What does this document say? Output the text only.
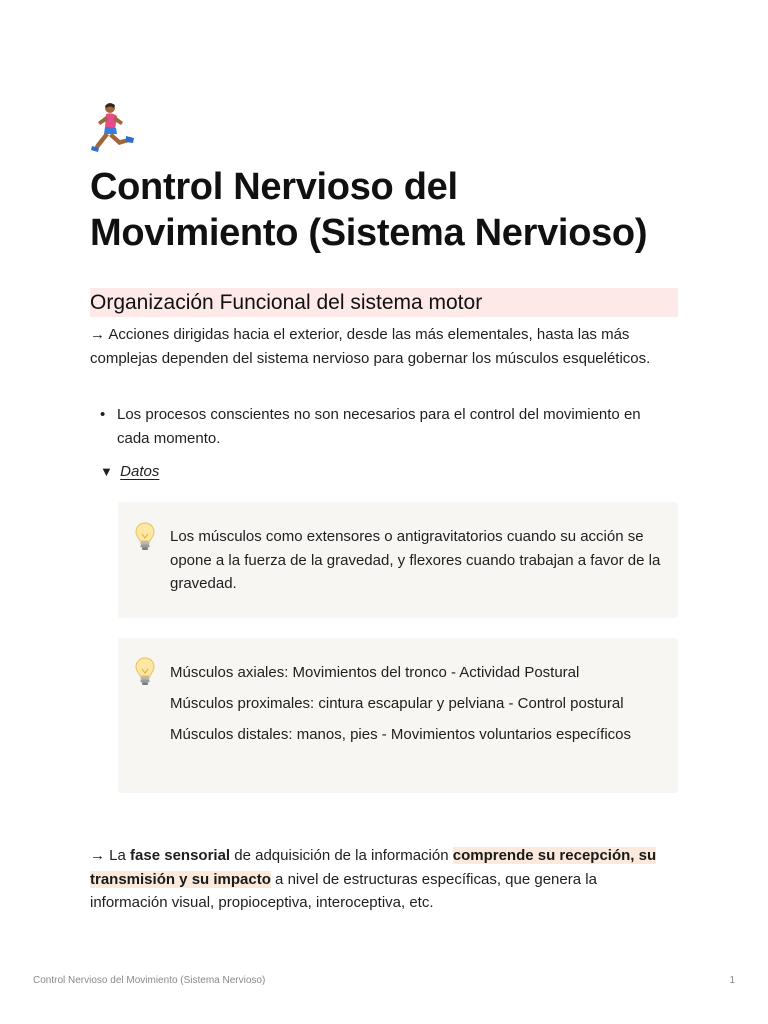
Control Nervioso del
Movimiento (Sistema Nervioso)
Organización Funcional del sistema motor

→ Acciones dirigidas hacia el exterior, desde las más elementales, hasta las más complejas dependen del sistema nervioso para gobernar los músculos esqueléticos.

• Los procesos conscientes no son necesarios para el control del movimiento en cada momento.
▼ Datos
Los músculos como extensores o antigravitatorios cuando su acción se opone a la fuerza de la gravedad, y flexores cuando trabajan a favor de la gravedad.
Músculos axiales: Movimientos del tronco - Actividad Postural
Músculos proximales: cintura escapular y pelviana - Control postural
Músculos distales: manos, pies - Movimientos voluntarios específicos

→ La fase sensorial de adquisición de la información comprende su recepción, su transmisión y su impacto a nivel de estructuras específicas, que genera la información visual, propioceptiva, interoceptiva, etc.

Control Nervioso del Movimiento (Sistema Nervioso)	1
